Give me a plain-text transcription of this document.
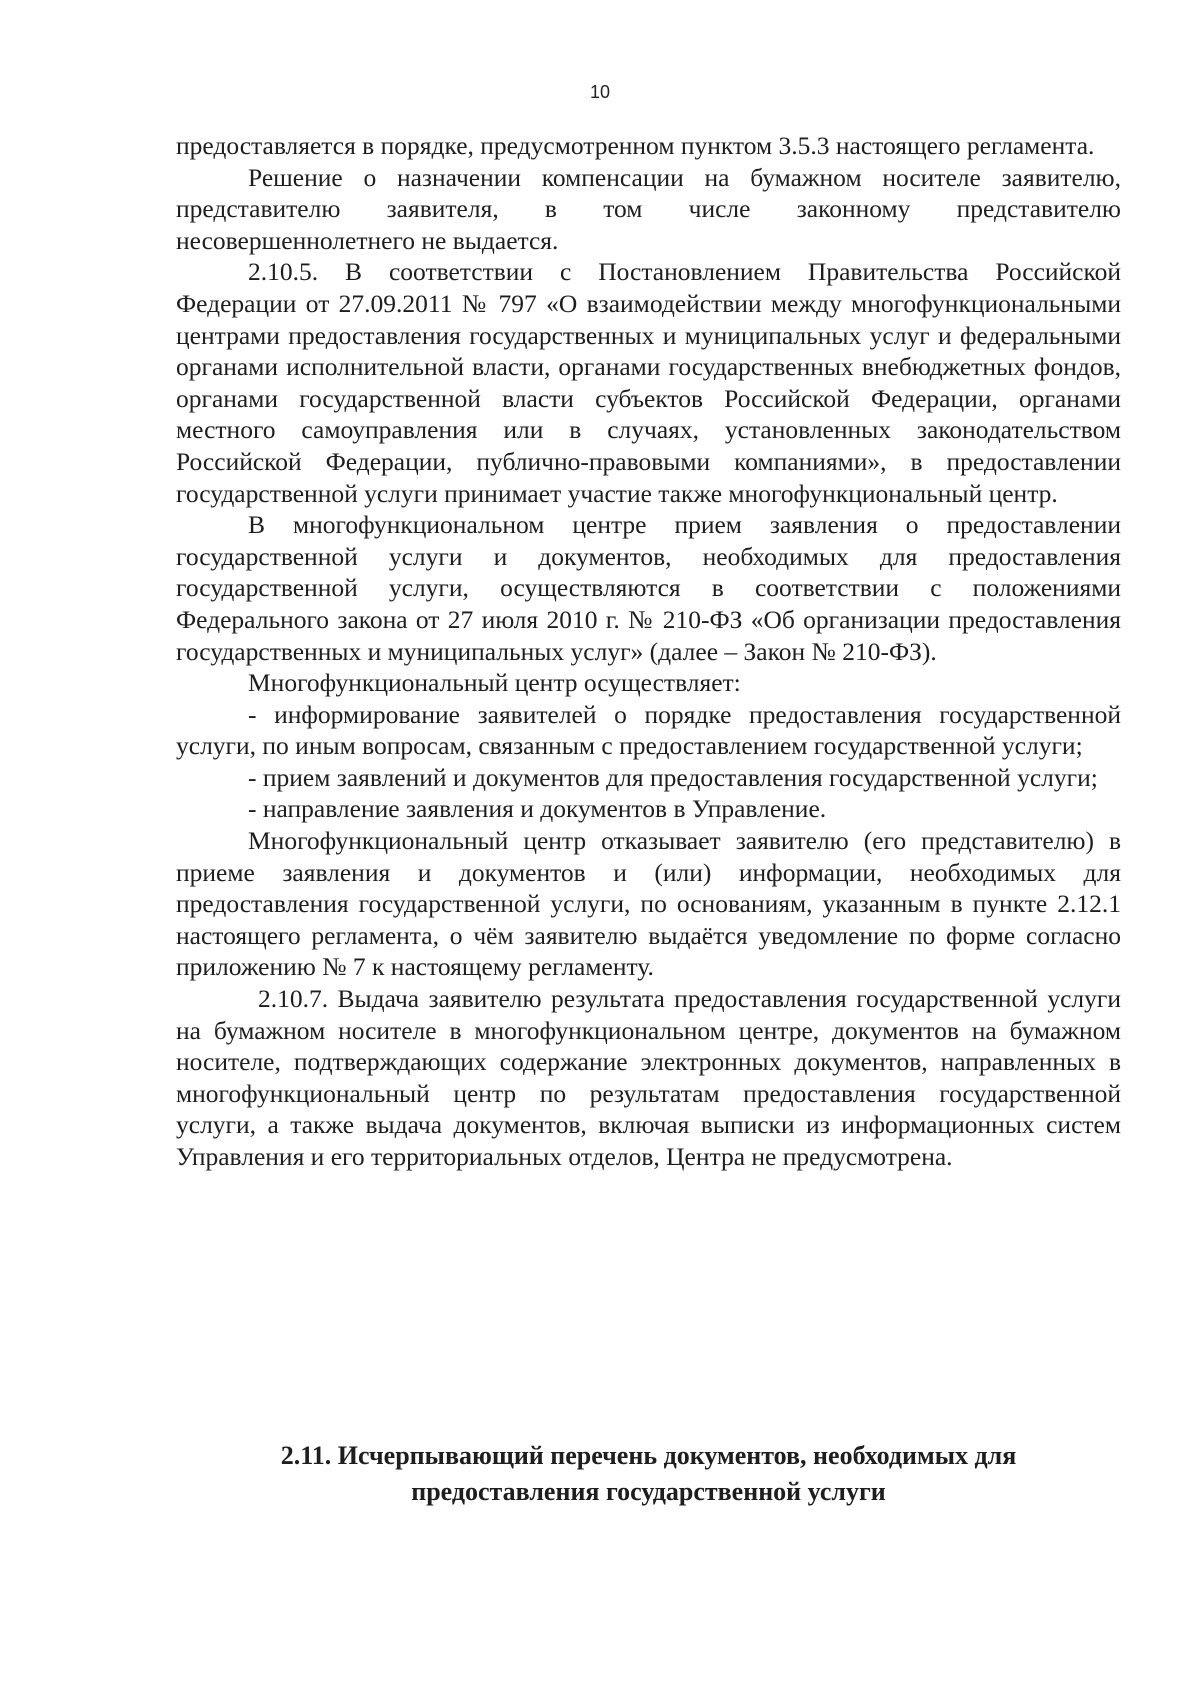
10

предоставляется в порядке, предусмотренном пунктом 3.5.3 настоящего регламента.

Решение о назначении компенсации на бумажном носителе заявителю, представителю заявителя, в том числе законному представителю несовершеннолетнего не выдается.

2.10.5. В соответствии с Постановлением Правительства Российской Федерации от 27.09.2011 № 797 «О взаимодействии между многофункциональными центрами предоставления государственных и муниципальных услуг и федеральными органами исполнительной власти, органами государственных внебюджетных фондов, органами государственной власти субъектов Российской Федерации, органами местного самоуправления или в случаях, установленных законодательством Российской Федерации, публично-правовыми компаниями», в предоставлении государственной услуги принимает участие также многофункциональный центр.

В многофункциональном центре прием заявления о предоставлении государственной услуги и документов, необходимых для предоставления государственной услуги, осуществляются в соответствии с положениями Федерального закона от 27 июля 2010 г. № 210-ФЗ «Об организации предоставления государственных и муниципальных услуг» (далее – Закон № 210-ФЗ).

Многофункциональный центр осуществляет:

- информирование заявителей о порядке предоставления государственной услуги, по иным вопросам, связанным с предоставлением государственной услуги;

- прием заявлений и документов для предоставления государственной услуги;

- направление заявления и документов в Управление.

Многофункциональный центр отказывает заявителю (его представителю) в приеме заявления и документов и (или) информации, необходимых для предоставления государственной услуги, по основаниям, указанным в пункте 2.12.1 настоящего регламента, о чём заявителю выдаётся уведомление по форме согласно приложению № 7 к настоящему регламенту.

2.10.7. Выдача заявителю результата предоставления государственной услуги на бумажном носителе в многофункциональном центре, документов на бумажном носителе, подтверждающих содержание электронных документов, направленных в многофункциональный центр по результатам предоставления государственной услуги, а также выдача документов, включая выписки из информационных систем Управления и его территориальных отделов, Центра не предусмотрена.

2.11. Исчерпывающий перечень документов, необходимых для
предоставления государственной услуги
